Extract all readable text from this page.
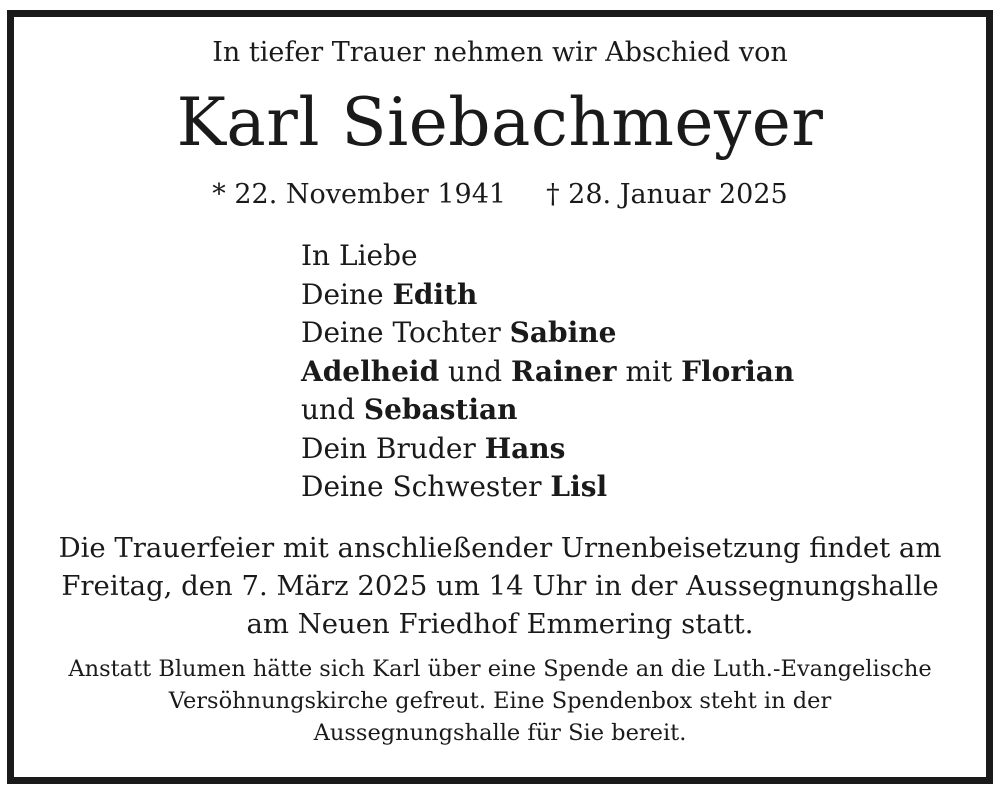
In tiefer Trauer nehmen wir Abschied von
Karl Siebachmeyer
* 22. November 1941 † 28. Januar 2025
In Liebe
Deine Edith
Deine Tochter Sabine
Adelheid und Rainer mit Florian
und Sebastian
Dein Bruder Hans
Deine Schwester Lisl
Die Trauerfeier mit anschließender Urnenbeisetzung findet am
Freitag, den 7. März 2025 um 14 Uhr in der Aussegnungshalle
am Neuen Friedhof Emmering statt.
Anstatt Blumen hätte sich Karl über eine Spende an die Luth.-Evangelische
Versöhnungskirche gefreut. Eine Spendenbox steht in der
Aussegnungshalle für Sie bereit.
